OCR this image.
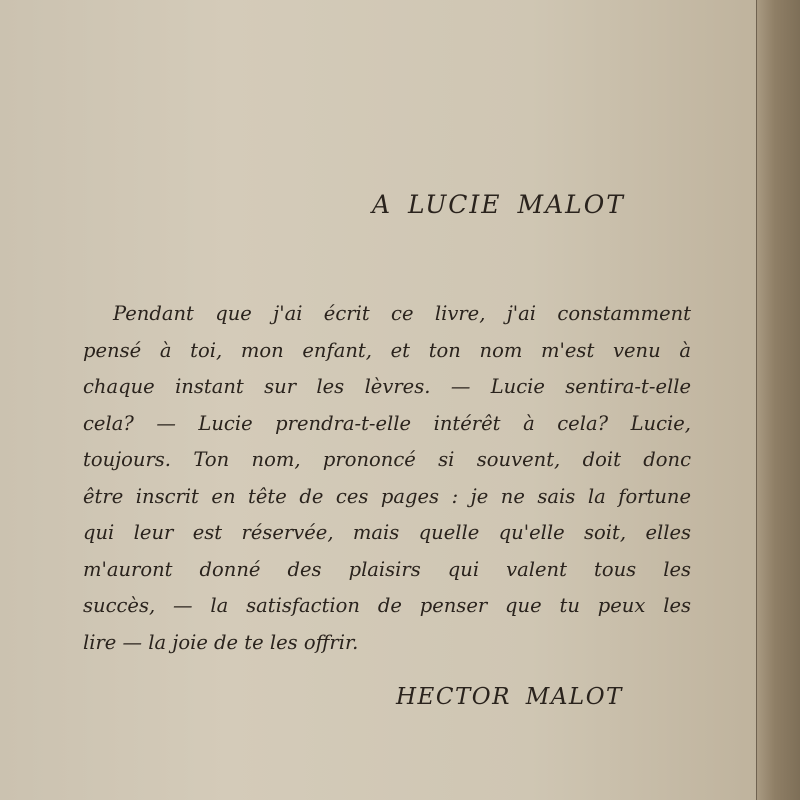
A LUCIE MALOT
Pendant que j'ai écrit ce livre, j'ai constamment
pensé à toi, mon enfant, et ton nom m'est venu à
chaque instant sur les lèvres. — Lucie sentira-t-elle
cela? — Lucie prendra-t-elle intérêt à cela? Lucie,
toujours. Ton nom, prononcé si souvent, doit donc
être inscrit en tête de ces pages : je ne sais la fortune
qui leur est réservée, mais quelle qu'elle soit, elles
m'auront donné des plaisirs qui valent tous les
succès, — la satisfaction de penser que tu peux les
lire — la joie de te les offrir.
HECTOR MALOT
